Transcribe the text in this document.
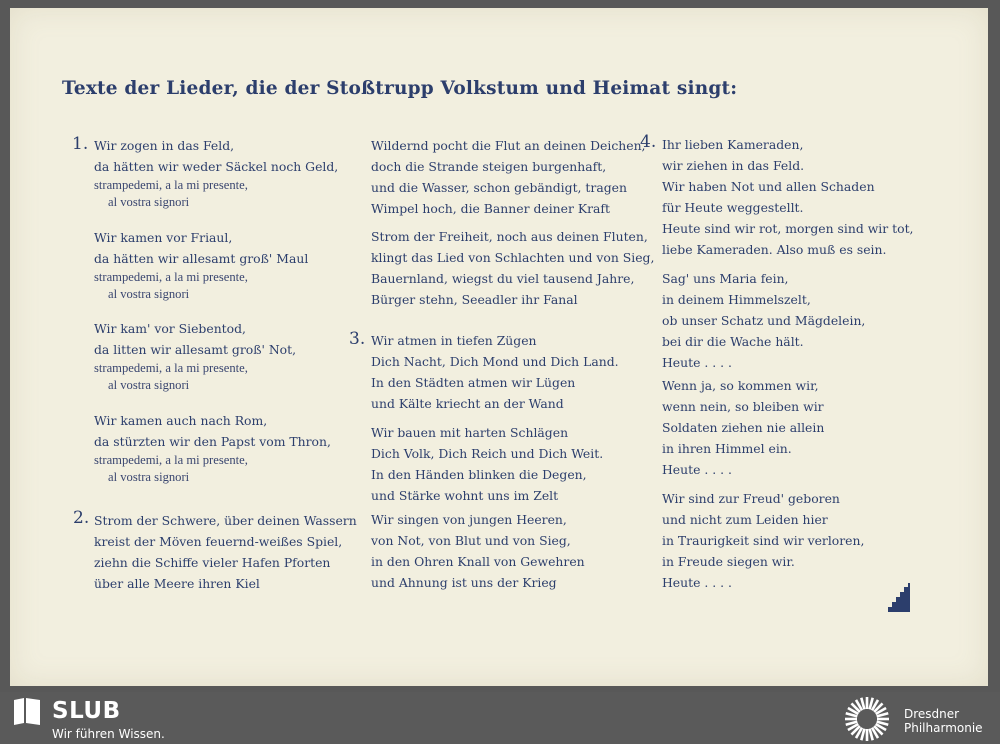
Texte der Lieder, die der Stoßtrupp Volkstum und Heimat singt:
1. Wir zogen in das Feld,
da hätten wir weder Säckel noch Geld,
strampedemi, a la mi presente,
al vostra signori
Wir kamen vor Friaul,
da hätten wir allesamt groß' Maul
strampedemi, a la mi presente,
al vostra signori
Wir kam' vor Siebentod,
da litten wir allesamt groß' Not,
strampedemi, a la mi presente,
al vostra signori
Wir kamen auch nach Rom,
da stürzten wir den Papst vom Thron,
strampedemi, a la mi presente,
al vostra signori
2. Strom der Schwere, über deinen Wassern
kreist der Möven feuernd-weißes Spiel,
ziehn die Schiffe vieler Hafen Pforten
über alle Meere ihren Kiel
Wildernd pocht die Flut an deinen Deichen,
doch die Strande steigen burgenhaft,
und die Wasser, schon gebändigt, tragen
Wimpel hoch, die Banner deiner Kraft
Strom der Freiheit, noch aus deinen Fluten,
klingt das Lied von Schlachten und von Sieg,
Bauernland, wiegst du viel tausend Jahre,
Bürger stehn, Seeadler ihr Fanal
3. Wir atmen in tiefen Zügen
Dich Nacht, Dich Mond und Dich Land.
In den Städten atmen wir Lügen
und Kälte kriecht an der Wand
Wir bauen mit harten Schlägen
Dich Volk, Dich Reich und Dich Weit.
In den Händen blinken die Degen,
und Stärke wohnt uns im Zelt
Wir singen von jungen Heeren,
von Not, von Blut und von Sieg,
in den Ohren Knall von Gewehren
und Ahnung ist uns der Krieg
4. Ihr lieben Kameraden,
wir ziehen in das Feld.
Wir haben Not und allen Schaden
für Heute weggestellt.
Heute sind wir rot, morgen sind wir tot,
liebe Kameraden. Also muß es sein.
Sag' uns Maria fein,
in deinem Himmelszelt,
ob unser Schatz und Mägdelein,
bei dir die Wache hält.
Heute . . . .
Wenn ja, so kommen wir,
wenn nein, so bleiben wir
Soldaten ziehen nie allein
in ihren Himmel ein.
Heute . . . .
Wir sind zur Freud' geboren
und nicht zum Leiden hier
in Traurigkeit sind wir verloren,
in Freude siegen wir.
Heute . . . .
SLUB
Wir führen Wissen.
Dresdner
Philharmonie
